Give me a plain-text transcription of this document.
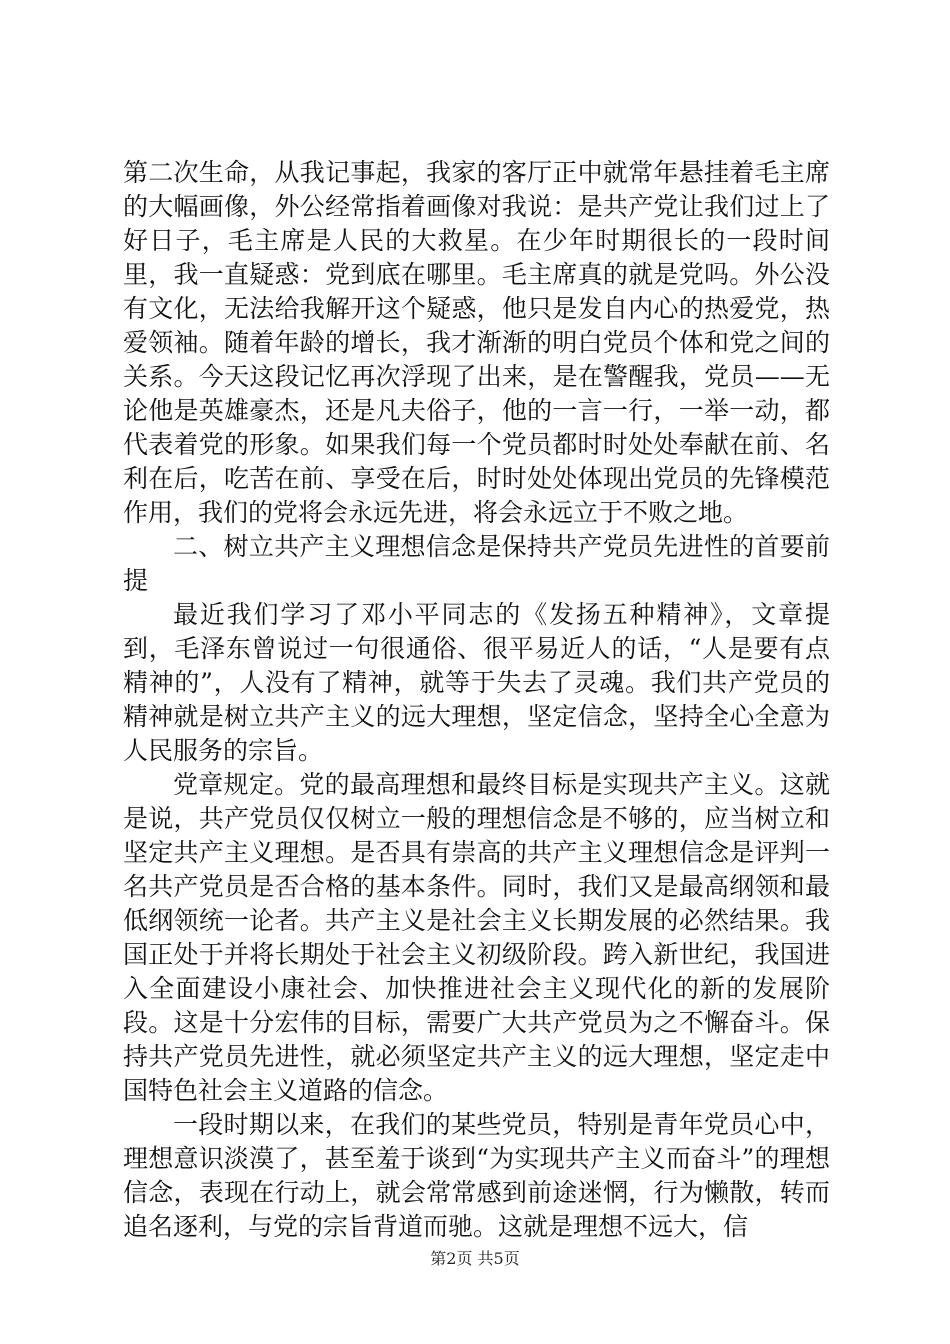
第二次生命，从我记事起，我家的客厅正中就常年悬挂着毛主席的大幅画像，外公经常指着画像对我说：是共产党让我们过上了好日子，毛主席是人民的大救星。在少年时期很长的一段时间里，我一直疑惑：党到底在哪里。毛主席真的就是党吗。外公没有文化，无法给我解开这个疑惑，他只是发自内心的热爱党，热爱领袖。随着年龄的增长，我才渐渐的明白党员个体和党之间的关系。今天这段记忆再次浮现了出来，是在警醒我，党员——无论他是英雄豪杰，还是凡夫俗子，他的一言一行，一举一动，都代表着党的形象。如果我们每一个党员都时时处处奉献在前、名利在后，吃苦在前、享受在后，时时处处体现出党员的先锋模范作用，我们的党将会永远先进，将会永远立于不败之地。

二、树立共产主义理想信念是保持共产党员先进性的首要前提

最近我们学习了邓小平同志的《发扬五种精神》，文章提到，毛泽东曾说过一句很通俗、很平易近人的话，“人是要有点精神的”，人没有了精神，就等于失去了灵魂。我们共产党员的精神就是树立共产主义的远大理想，坚定信念，坚持全心全意为人民服务的宗旨。

党章规定。党的最高理想和最终目标是实现共产主义。这就是说，共产党员仅仅树立一般的理想信念是不够的，应当树立和坚定共产主义理想。是否具有崇高的共产主义理想信念是评判一名共产党员是否合格的基本条件。同时，我们又是最高纲领和最低纲领统一论者。共产主义是社会主义长期发展的必然结果。我国正处于并将长期处于社会主义初级阶段。跨入新世纪，我国进入全面建设小康社会、加快推进社会主义现代化的新的发展阶段。这是十分宏伟的目标，需要广大共产党员为之不懈奋斗。保持共产党员先进性，就必须坚定共产主义的远大理想，坚定走中国特色社会主义道路的信念。

一段时期以来，在我们的某些党员，特别是青年党员心中，理想意识淡漠了，甚至羞于谈到“为实现共产主义而奋斗”的理想信念，表现在行动上，就会常常感到前途迷惘，行为懒散，转而追名逐利，与党的宗旨背道而驰。这就是理想不远大，信

第2页 共5页
